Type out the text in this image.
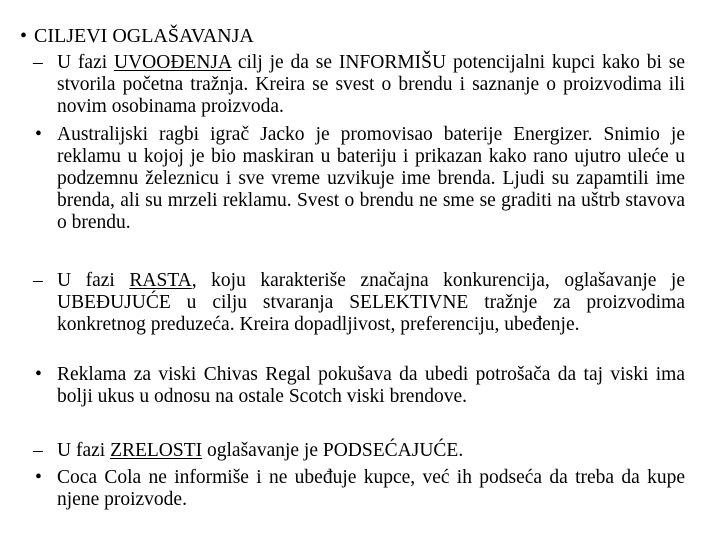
• CILJEVI OGLAŠAVANJA
– U fazi UVOOĐENJA cilj je da se INFORMIŠU potencijalni kupci kako bi se stvorila početna tražnja. Kreira se svest o brendu i saznanje o proizvodima ili novim osobinama proizvoda.
• Australijski ragbi igrač Jacko je promovisao baterije Energizer. Snimio je reklamu u kojoj je bio maskiran u bateriju i prikazan kako rano ujutro ulеće u podzemnu železnicu i sve vreme uzvikuje ime brenda. Ljudi su zapamtili ime brenda, ali su mrzeli reklamu. Svest o brendu ne sme se graditi na uštrb stavova o brendu.
– U fazi RASTA, koju karakteriše značajna konkurencija, oglašavanje je UBEĐUJUĆE u cilju stvaranja SELEKTIVNE tražnje za proizvodima konkretnog preduzeća. Kreira dopadljivost, preferenciju, ubeđenje.
• Reklama za viski Chivas Regal pokušava da ubedi potrošača da taj viski ima bolji ukus u odnosu na ostale Scotch viski brendove.
– U fazi ZRELOSTI oglašavanje je PODSEĆAJUĆE.
• Coca Cola ne informiše i ne ubeđuje kupce, već ih podseća da treba da kupe njene proizvode.
